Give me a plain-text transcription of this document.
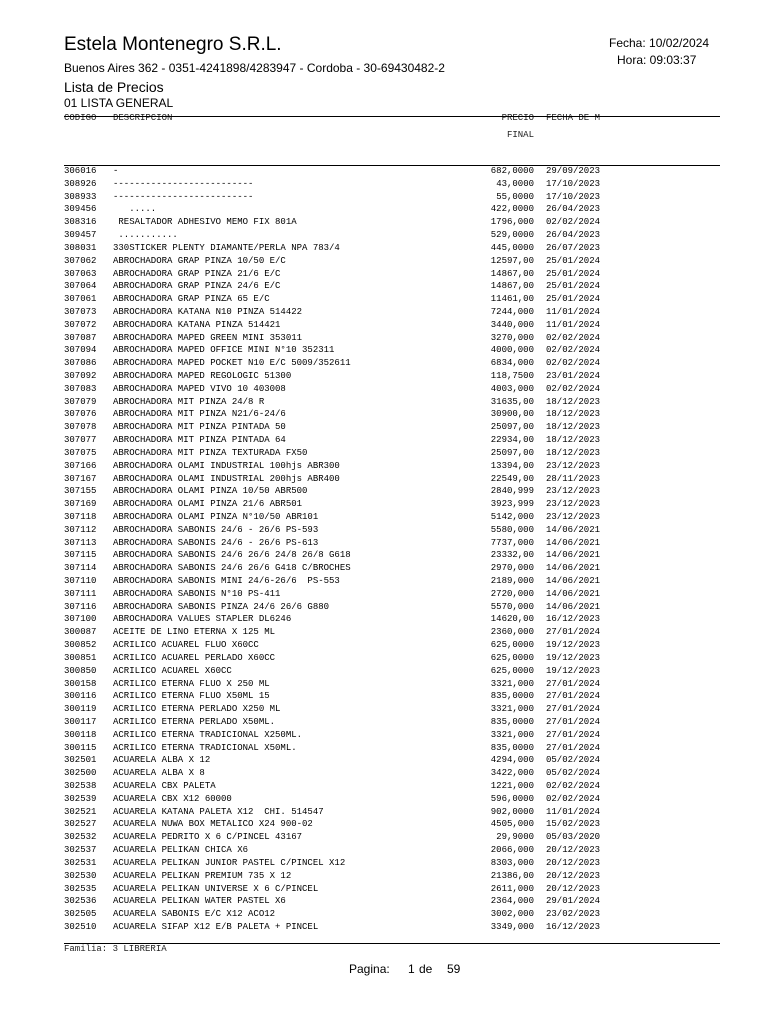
Estela Montenegro S.R.L.
Buenos Aires 362 - 0351-4241898/4283947 - Cordoba - 30-69430482-2
Lista de Precios
01 LISTA GENERAL
Fecha: 10/02/2024
Hora: 09:03:37
CODIGO DESCRIPCION	PRECIO FECHA DE M
FINAL
306016 -	682,0000 29/09/2023
308926 --------------------------	43,0000 17/10/2023
308933 --------------------------	55,0000 17/10/2023
309456 .....	422,0000 26/04/2023
308316 RESALTADOR ADHESIVO MEMO FIX 801A	1796,000 02/02/2024
309457 ...........	529,0000 26/04/2023
308031 330STICKER PLENTY DIAMANTE/PERLA NPA 783/4	445,0000 26/07/2023
307062 ABROCHADORA GRAP PINZA 10/50 E/C	12597,00 25/01/2024
307063 ABROCHADORA GRAP PINZA 21/6 E/C	14867,00 25/01/2024
307064 ABROCHADORA GRAP PINZA 24/6 E/C	14867,00 25/01/2024
307061 ABROCHADORA GRAP PINZA 65 E/C	11461,00 25/01/2024
307073 ABROCHADORA KATANA N10 PINZA 514422	7244,000 11/01/2024
307072 ABROCHADORA KATANA PINZA 514421	3440,000 11/01/2024
307087 ABROCHADORA MAPED GREEN MINI 353011	3270,000 02/02/2024
307094 ABROCHADORA MAPED OFFICE MINI N°10 352311	4000,000 02/02/2024
307086 ABROCHADORA MAPED POCKET N10 E/C 5009/352611	6834,000 02/02/2024
307092 ABROCHADORA MAPED REGOLOGIC 51300	118,7500 23/01/2024
307083 ABROCHADORA MAPED VIVO 10 403008	4003,000 02/02/2024
307079 ABROCHADORA MIT PINZA 24/8 R	31635,00 18/12/2023
307076 ABROCHADORA MIT PINZA N21/6-24/6	30900,00 18/12/2023
307078 ABROCHADORA MIT PINZA PINTADA 50	25097,00 18/12/2023
307077 ABROCHADORA MIT PINZA PINTADA 64	22934,00 18/12/2023
307075 ABROCHADORA MIT PINZA TEXTURADA FX50	25097,00 18/12/2023
307166 ABROCHADORA OLAMI INDUSTRIAL 100hjs ABR300	13394,00 23/12/2023
307167 ABROCHADORA OLAMI INDUSTRIAL 200hjs ABR400	22549,00 28/11/2023
307155 ABROCHADORA OLAMI PINZA 10/50 ABR500	2840,999 23/12/2023
307169 ABROCHADORA OLAMI PINZA 21/6 ABR501	3923,999 23/12/2023
307118 ABROCHADORA OLAMI PINZA N°10/50 ABR101	5142,000 23/12/2023
307112 ABROCHADORA SABONIS 24/6 - 26/6 PS-593	5580,000 14/06/2021
307113 ABROCHADORA SABONIS 24/6 - 26/6 PS-613	7737,000 14/06/2021
307115 ABROCHADORA SABONIS 24/6 26/6 24/8 26/8 G618	23332,00 14/06/2021
307114 ABROCHADORA SABONIS 24/6 26/6 G418 C/BROCHES	2970,000 14/06/2021
307110 ABROCHADORA SABONIS MINI 24/6-26/6  PS-553	2189,000 14/06/2021
307111 ABROCHADORA SABONIS N°10 PS-411	2720,000 14/06/2021
307116 ABROCHADORA SABONIS PINZA 24/6 26/6 G880	5570,000 14/06/2021
307100 ABROCHADORA VALUES STAPLER DL6246	14620,00 16/12/2023
300087 ACEITE DE LINO ETERNA X 125 ML	2360,000 27/01/2024
300852 ACRILICO ACUAREL FLUO X60CC	625,0000 19/12/2023
300851 ACRILICO ACUAREL PERLADO X60CC	625,0000 19/12/2023
300850 ACRILICO ACUAREL X60CC	625,0000 19/12/2023
300158 ACRILICO ETERNA FLUO X 250 ML	3321,000 27/01/2024
300116 ACRILICO ETERNA FLUO X50ML 15	835,0000 27/01/2024
300119 ACRILICO ETERNA PERLADO X250 ML	3321,000 27/01/2024
300117 ACRILICO ETERNA PERLADO X50ML.	835,0000 27/01/2024
300118 ACRILICO ETERNA TRADICIONAL X250ML.	3321,000 27/01/2024
300115 ACRILICO ETERNA TRADICIONAL X50ML.	835,0000 27/01/2024
302501 ACUARELA ALBA X 12	4294,000 05/02/2024
302500 ACUARELA ALBA X 8	3422,000 05/02/2024
302538 ACUARELA CBX PALETA	1221,000 02/02/2024
302539 ACUARELA CBX X12 60000	596,0000 02/02/2024
302521 ACUARELA KATANA PALETA X12  CHI. 514547	902,0000 11/01/2024
302527 ACUARELA NUWA BOX METALICO X24 900-02	4505,000 15/02/2023
302532 ACUARELA PEDRITO X 6 C/PINCEL 43167	29,9000 05/03/2020
302537 ACUARELA PELIKAN CHICA X6	2066,000 20/12/2023
302531 ACUARELA PELIKAN JUNIOR PASTEL C/PINCEL X12	8303,000 20/12/2023
302530 ACUARELA PELIKAN PREMIUM 735 X 12	21386,00 20/12/2023
302535 ACUARELA PELIKAN UNIVERSE X 6 C/PINCEL	2611,000 20/12/2023
302536 ACUARELA PELIKAN WATER PASTEL X6	2364,000 29/01/2024
302505 ACUARELA SABONIS E/C X12 ACO12	3002,000 23/02/2023
302510 ACUARELA SIFAP X12 E/B PALETA + PINCEL	3349,000 16/12/2023
Familia: 3 LIBRERIA
Pagina: 1 de 59
